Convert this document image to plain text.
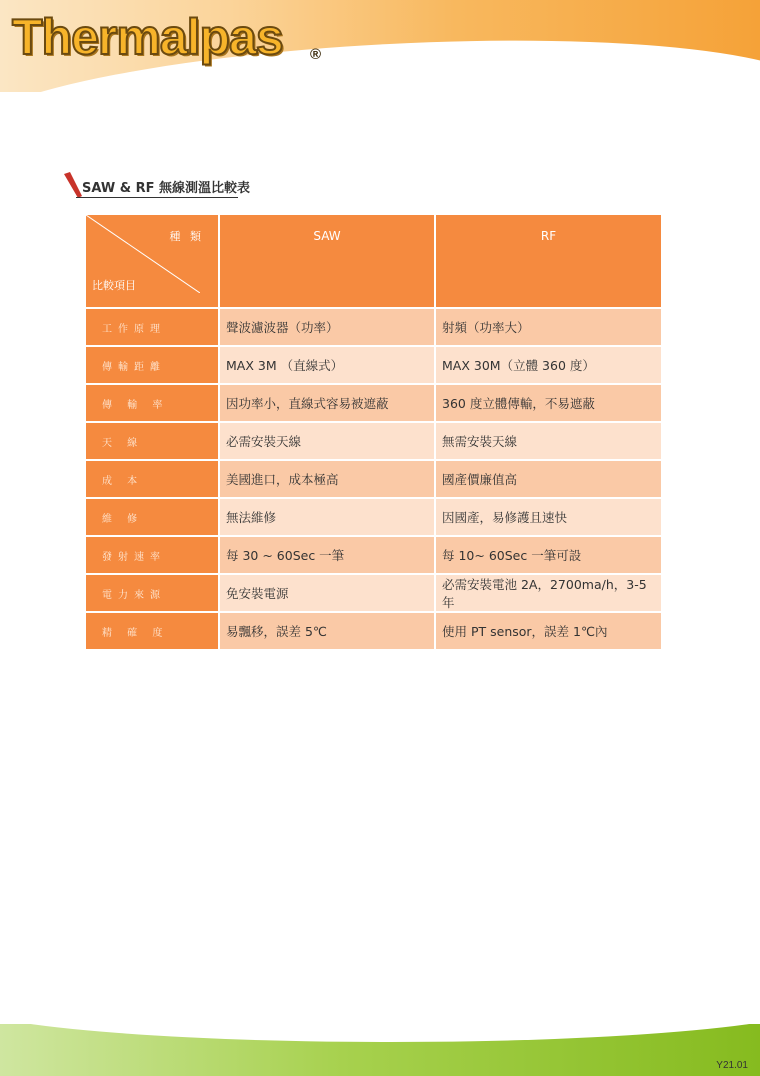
Thermalpas ®
SAW & RF 無線測溫比較表
種 類
比較項目	SAW	RF
工作原理	聲波濾波器（功率）	射頻（功率大）
傳輸距離	MAX 3M （直線式）	MAX 30M（立體 360 度）
傳 輸 率	因功率小，直線式容易被遮蔽	360 度立體傳輸，不易遮蔽
天 線	必需安裝天線	無需安裝天線
成 本	美國進口，成本極高	國產價廉值高
維 修	無法維修	因國產，易修護且速快
發射速率	每 30 ~ 60Sec 一筆	每 10~ 60Sec 一筆可設
電力來源	免安裝電源	必需安裝電池 2A，2700ma/h，3-5 年
精 確 度	易飄移，誤差 5℃	使用 PT sensor，誤差 1℃內
Y21.01
